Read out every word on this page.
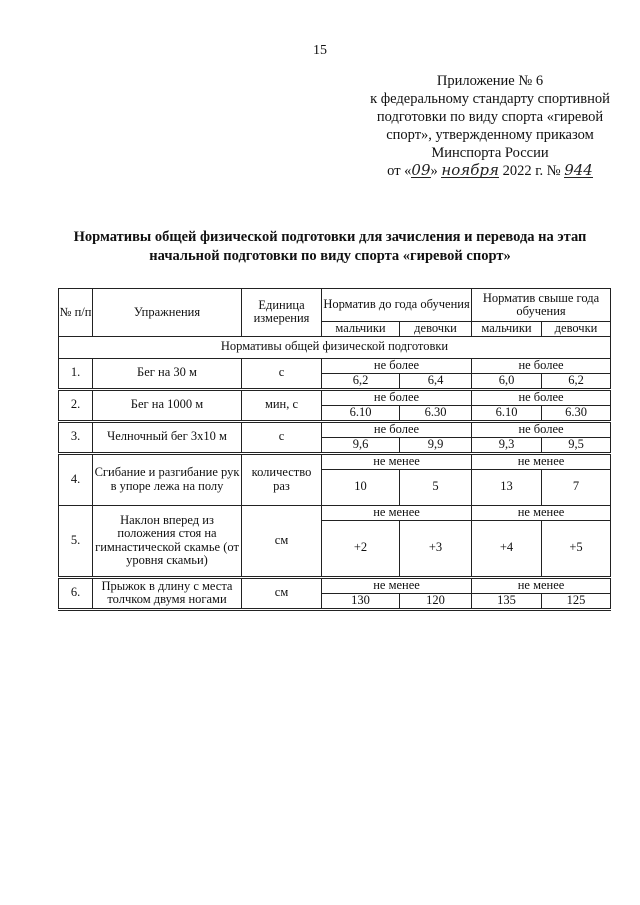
15
Приложение № 6
к федеральному стандарту спортивной
подготовки по виду спорта «гиревой
спорт», утвержденному приказом
Минспорта России
от «09» ноября 2022 г. № 944
Нормативы общей физической подготовки для зачисления и перевода на этап
начальной подготовки по виду спорта «гиревой спорт»
№ п/п	Упражнения	Единица измерения	Норматив до года обучения		Норматив свыше года обучения	
			мальчики	девочки	мальчики	девочки
Нормативы общей физической подготовки						
1.	Бег на 30 м	с	не более		не более	
			6,2	6,4	6,0	6,2
2.	Бег на 1000 м	мин, с	не более		не более	
			6.10	6.30	6.10	6.30
3.	Челночный бег 3х10 м	с	не более		не более	
			9,6	9,9	9,3	9,5
4.	Сгибание и разгибание рук в упоре лежа на полу	количество раз	не менее		не менее	
			10	5	13	7
5.	Наклон вперед из положения стоя на гимнастической скамье (от уровня скамьи)	см	не менее		не менее	
			+2	+3	+4	+5
6.	Прыжок в длину с места толчком двумя ногами	см	не менее		не менее	
			130	120	135	125
